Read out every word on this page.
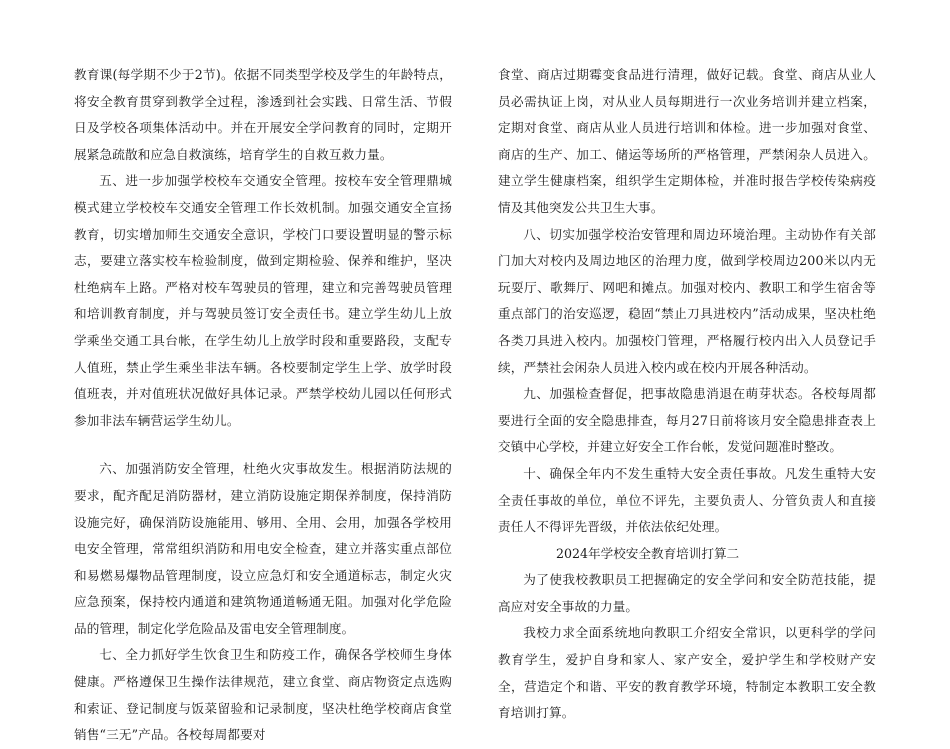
教育课(每学期不少于2节)。依据不同类型学校及学生的年龄特点，将安全教育贯穿到教学全过程，渗透到社会实践、日常生活、节假日及学校各项集体活动中。并在开展安全学问教育的同时，定期开展紧急疏散和应急自救演练，培育学生的自救互救力量。

五、进一步加强学校校车交通安全管理。按校车安全管理鼎城模式建立学校校车交通安全管理工作长效机制。加强交通安全宣扬教育，切实增加师生交通安全意识，学校门口要设置明显的警示标志，要建立落实校车检验制度，做到定期检验、保养和维护，坚决杜绝病车上路。严格对校车驾驶员的管理，建立和完善驾驶员管理和培训教育制度，并与驾驶员签订安全责任书。建立学生幼儿上放学乘坐交通工具台帐，在学生幼儿上放学时段和重要路段，支配专人值班，禁止学生乘坐非法车辆。各校要制定学生上学、放学时段值班表，并对值班状况做好具体记录。严禁学校幼儿园以任何形式参加非法车辆营运学生幼儿。

六、加强消防安全管理，杜绝火灾事故发生。根据消防法规的要求，配齐配足消防器材，建立消防设施定期保养制度，保持消防设施完好，确保消防设施能用、够用、全用、会用，加强各学校用电安全管理，常常组织消防和用电安全检查，建立并落实重点部位和易燃易爆物品管理制度，设立应急灯和安全通道标志，制定火灾应急预案，保持校内通道和建筑物通道畅通无阻。加强对化学危险品的管理，制定化学危险品及雷电安全管理制度。

七、全力抓好学生饮食卫生和防疫工作，确保各学校师生身体健康。严格遵保卫生操作法律规范，建立食堂、商店物资定点选购和索证、登记制度与饭菜留验和记录制度，坚决杜绝学校商店食堂销售“三无”产品。各校每周都要对

食堂、商店过期霉变食品进行清理，做好记载。食堂、商店从业人员必需执证上岗，对从业人员每期进行一次业务培训并建立档案，定期对食堂、商店从业人员进行培训和体检。进一步加强对食堂、商店的生产、加工、储运等场所的严格管理，严禁闲杂人员进入。建立学生健康档案，组织学生定期体检，并准时报告学校传染病疫情及其他突发公共卫生大事。

八、切实加强学校治安管理和周边环境治理。主动协作有关部门加大对校内及周边地区的治理力度，做到学校周边200米以内无玩耍厅、歌舞厅、网吧和摊点。加强对校内、教职工和学生宿舍等重点部门的治安巡逻，稳固“禁止刀具进校内”活动成果，坚决杜绝各类刀具进入校内。加强校门管理，严格履行校内出入人员登记手续，严禁社会闲杂人员进入校内或在校内开展各种活动。

九、加强检查督促，把事故隐患消退在萌芽状态。各校每周都要进行全面的安全隐患排查，每月27日前将该月安全隐患排查表上交镇中心学校，并建立好安全工作台帐，发觉问题准时整改。

十、确保全年内不发生重特大安全责任事故。凡发生重特大安全责任事故的单位，单位不评先，主要负责人、分管负责人和直接责任人不得评先晋级，并依法依纪处理。

2024年学校安全教育培训打算二

为了使我校教职员工把握确定的安全学问和安全防范技能，提高应对安全事故的力量。

我校力求全面系统地向教职工介绍安全常识，以更科学的学问教育学生，爱护自身和家人、家产安全，爱护学生和学校财产安全，营造定个和谐、平安的教育教学环境，特制定本教职工安全教育培训打算。
